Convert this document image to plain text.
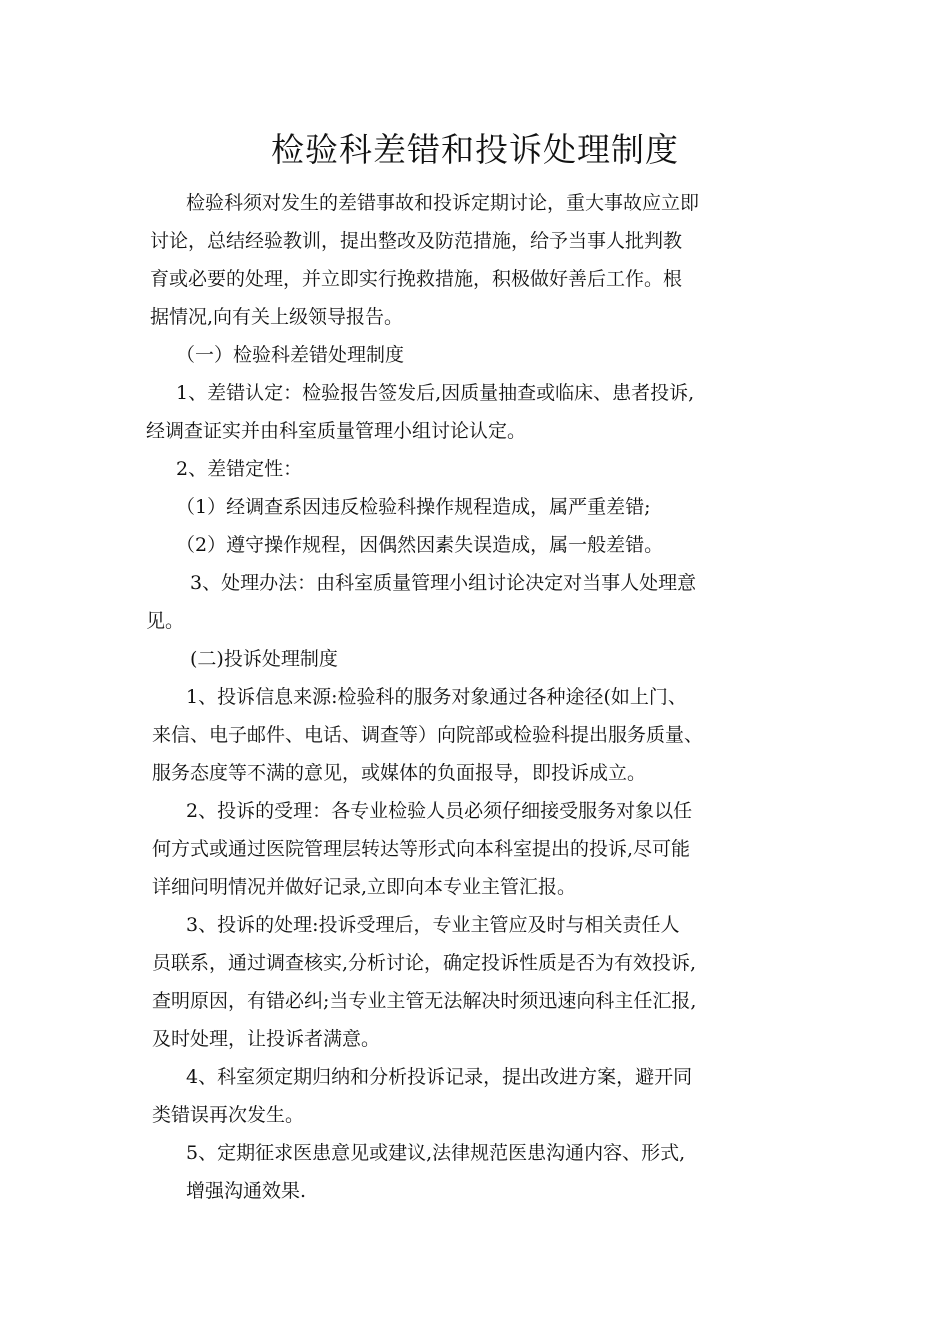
检验科差错和投诉处理制度
检验科须对发生的差错事故和投诉定期讨论，重大事故应立即
讨论，总结经验教训，提出整改及防范措施，给予当事人批判教
育或必要的处理，并立即实行挽救措施，积极做好善后工作。根
据情况,向有关上级领导报告。
（一）检验科差错处理制度
1、差错认定：检验报告签发后,因质量抽查或临床、患者投诉,
经调查证实并由科室质量管理小组讨论认定。
2、差错定性：
（1）经调查系因违反检验科操作规程造成，属严重差错;
（2）遵守操作规程，因偶然因素失误造成，属一般差错。
3、处理办法：由科室质量管理小组讨论决定对当事人处理意
见。
(二)投诉处理制度
1、投诉信息来源:检验科的服务对象通过各种途径(如上门、
来信、电子邮件、电话、调查等）向院部或检验科提出服务质量、
服务态度等不满的意见，或媒体的负面报导，即投诉成立。
2、投诉的受理：各专业检验人员必须仔细接受服务对象以任
何方式或通过医院管理层转达等形式向本科室提出的投诉,尽可能
详细问明情况并做好记录,立即向本专业主管汇报。
3、投诉的处理:投诉受理后，专业主管应及时与相关责任人
员联系，通过调查核实,分析讨论，确定投诉性质是否为有效投诉,
查明原因，有错必纠;当专业主管无法解决时须迅速向科主任汇报,
及时处理，让投诉者满意。
4、科室须定期归纳和分析投诉记录，提出改进方案，避开同
类错误再次发生。
5、定期征求医患意见或建议,法律规范医患沟通内容、形式,
增强沟通效果.
